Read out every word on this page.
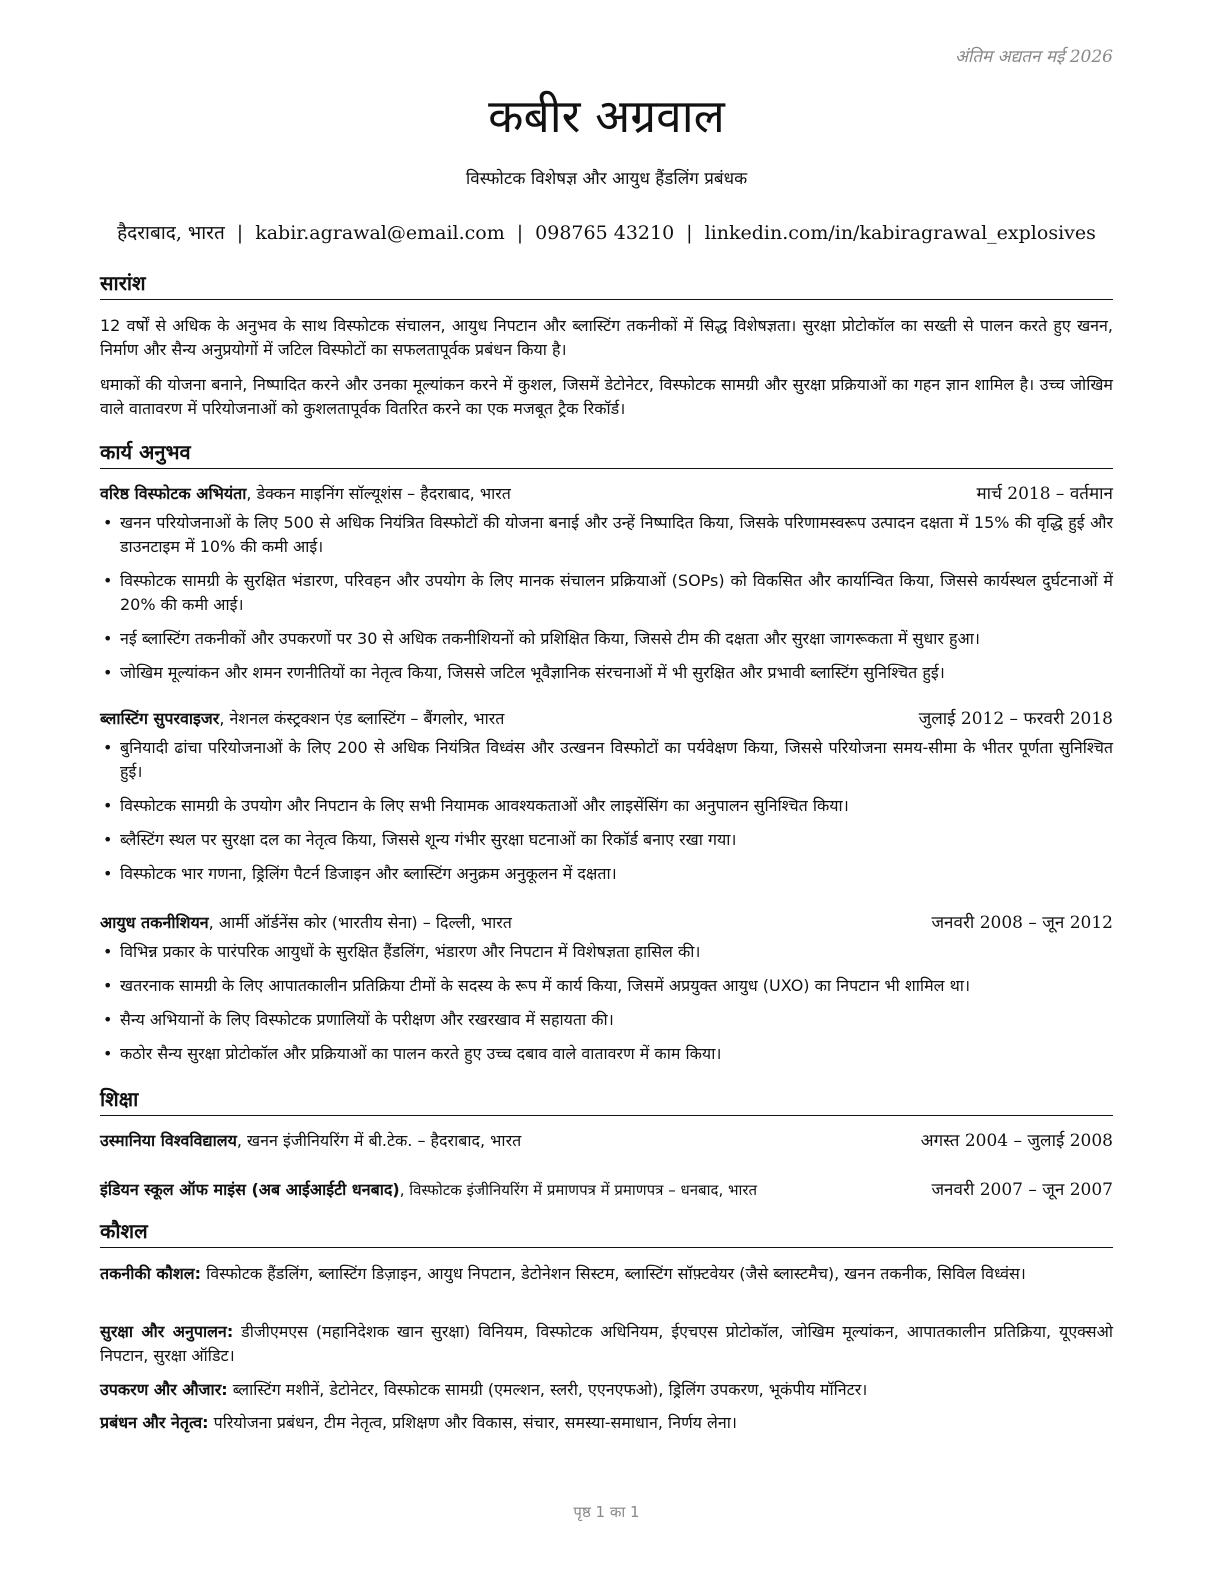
अंतिम अद्यतन मई 2026
कबीर अग्रवाल
विस्फोटक विशेषज्ञ और आयुध हैंडलिंग प्रबंधक
हैदराबाद, भारत | kabir.agrawal@email.com | 098765 43210 | linkedin.com/in/kabiragrawal_explosives
सारांश
12 वर्षों से अधिक के अनुभव के साथ विस्फोटक संचालन, आयुध निपटान और ब्लास्टिंग तकनीकों में सिद्ध विशेषज्ञता। सुरक्षा प्रोटोकॉल का सख्ती से पालन करते हुए खनन, निर्माण और सैन्य अनुप्रयोगों में जटिल विस्फोटों का सफलतापूर्वक प्रबंधन किया है।
धमाकों की योजना बनाने, निष्पादित करने और उनका मूल्यांकन करने में कुशल, जिसमें डेटोनेटर, विस्फोटक सामग्री और सुरक्षा प्रक्रियाओं का गहन ज्ञान शामिल है। उच्च जोखिम वाले वातावरण में परियोजनाओं को कुशलतापूर्वक वितरित करने का एक मजबूत ट्रैक रिकॉर्ड।
कार्य अनुभव
वरिष्ठ विस्फोटक अभियंता, डेक्कन माइनिंग सॉल्यूशंस – हैदराबाद, भारत	मार्च 2018 – वर्तमान
• खनन परियोजनाओं के लिए 500 से अधिक नियंत्रित विस्फोटों की योजना बनाई और उन्हें निष्पादित किया, जिसके परिणामस्वरूप उत्पादन दक्षता में 15% की वृद्धि हुई और डाउनटाइम में 10% की कमी आई।
• विस्फोटक सामग्री के सुरक्षित भंडारण, परिवहन और उपयोग के लिए मानक संचालन प्रक्रियाओं (SOPs) को विकसित और कार्यान्वित किया, जिससे कार्यस्थल दुर्घटनाओं में 20% की कमी आई।
• नई ब्लास्टिंग तकनीकों और उपकरणों पर 30 से अधिक तकनीशियनों को प्रशिक्षित किया, जिससे टीम की दक्षता और सुरक्षा जागरूकता में सुधार हुआ।
• जोखिम मूल्यांकन और शमन रणनीतियों का नेतृत्व किया, जिससे जटिल भूवैज्ञानिक संरचनाओं में भी सुरक्षित और प्रभावी ब्लास्टिंग सुनिश्चित हुई।
ब्लास्टिंग सुपरवाइजर, नेशनल कंस्ट्रक्शन एंड ब्लास्टिंग – बैंगलोर, भारत	जुलाई 2012 – फरवरी 2018
• बुनियादी ढांचा परियोजनाओं के लिए 200 से अधिक नियंत्रित विध्वंस और उत्खनन विस्फोटों का पर्यवेक्षण किया, जिससे परियोजना समय-सीमा के भीतर पूर्णता सुनिश्चित हुई।
• विस्फोटक सामग्री के उपयोग और निपटान के लिए सभी नियामक आवश्यकताओं और लाइसेंसिंग का अनुपालन सुनिश्चित किया।
• ब्लैस्टिंग स्थल पर सुरक्षा दल का नेतृत्व किया, जिससे शून्य गंभीर सुरक्षा घटनाओं का रिकॉर्ड बनाए रखा गया।
• विस्फोटक भार गणना, ड्रिलिंग पैटर्न डिजाइन और ब्लास्टिंग अनुक्रम अनुकूलन में दक्षता।
आयुध तकनीशियन, आर्मी ऑर्डनेंस कोर (भारतीय सेना) – दिल्ली, भारत	जनवरी 2008 – जून 2012
• विभिन्न प्रकार के पारंपरिक आयुधों के सुरक्षित हैंडलिंग, भंडारण और निपटान में विशेषज्ञता हासिल की।
• खतरनाक सामग्री के लिए आपातकालीन प्रतिक्रिया टीमों के सदस्य के रूप में कार्य किया, जिसमें अप्रयुक्त आयुध (UXO) का निपटान भी शामिल था।
• सैन्य अभियानों के लिए विस्फोटक प्रणालियों के परीक्षण और रखरखाव में सहायता की।
• कठोर सैन्य सुरक्षा प्रोटोकॉल और प्रक्रियाओं का पालन करते हुए उच्च दबाव वाले वातावरण में काम किया।
शिक्षा
उस्मानिया विश्वविद्यालय, खनन इंजीनियरिंग में बी.टेक. – हैदराबाद, भारत	अगस्त 2004 – जुलाई 2008
इंडियन स्कूल ऑफ माइंस (अब आईआईटी धनबाद), विस्फोटक इंजीनियरिंग में प्रमाणपत्र में प्रमाणपत्र – धनबाद, भारत	जनवरी 2007 – जून 2007
कौशल
तकनीकी कौशल: विस्फोटक हैंडलिंग, ब्लास्टिंग डिज़ाइन, आयुध निपटान, डेटोनेशन सिस्टम, ब्लास्टिंग सॉफ़्टवेयर (जैसे ब्लास्टमैच), खनन तकनीक, सिविल विध्वंस।
सुरक्षा और अनुपालन: डीजीएमएस (महानिदेशक खान सुरक्षा) विनियम, विस्फोटक अधिनियम, ईएचएस प्रोटोकॉल, जोखिम मूल्यांकन, आपातकालीन प्रतिक्रिया, यूएक्सओ निपटान, सुरक्षा ऑडिट।
उपकरण और औजार: ब्लास्टिंग मशीनें, डेटोनेटर, विस्फोटक सामग्री (एमल्शन, स्लरी, एएनएफओ), ड्रिलिंग उपकरण, भूकंपीय मॉनिटर।
प्रबंधन और नेतृत्व: परियोजना प्रबंधन, टीम नेतृत्व, प्रशिक्षण और विकास, संचार, समस्या-समाधान, निर्णय लेना।
पृष्ठ 1 का 1
